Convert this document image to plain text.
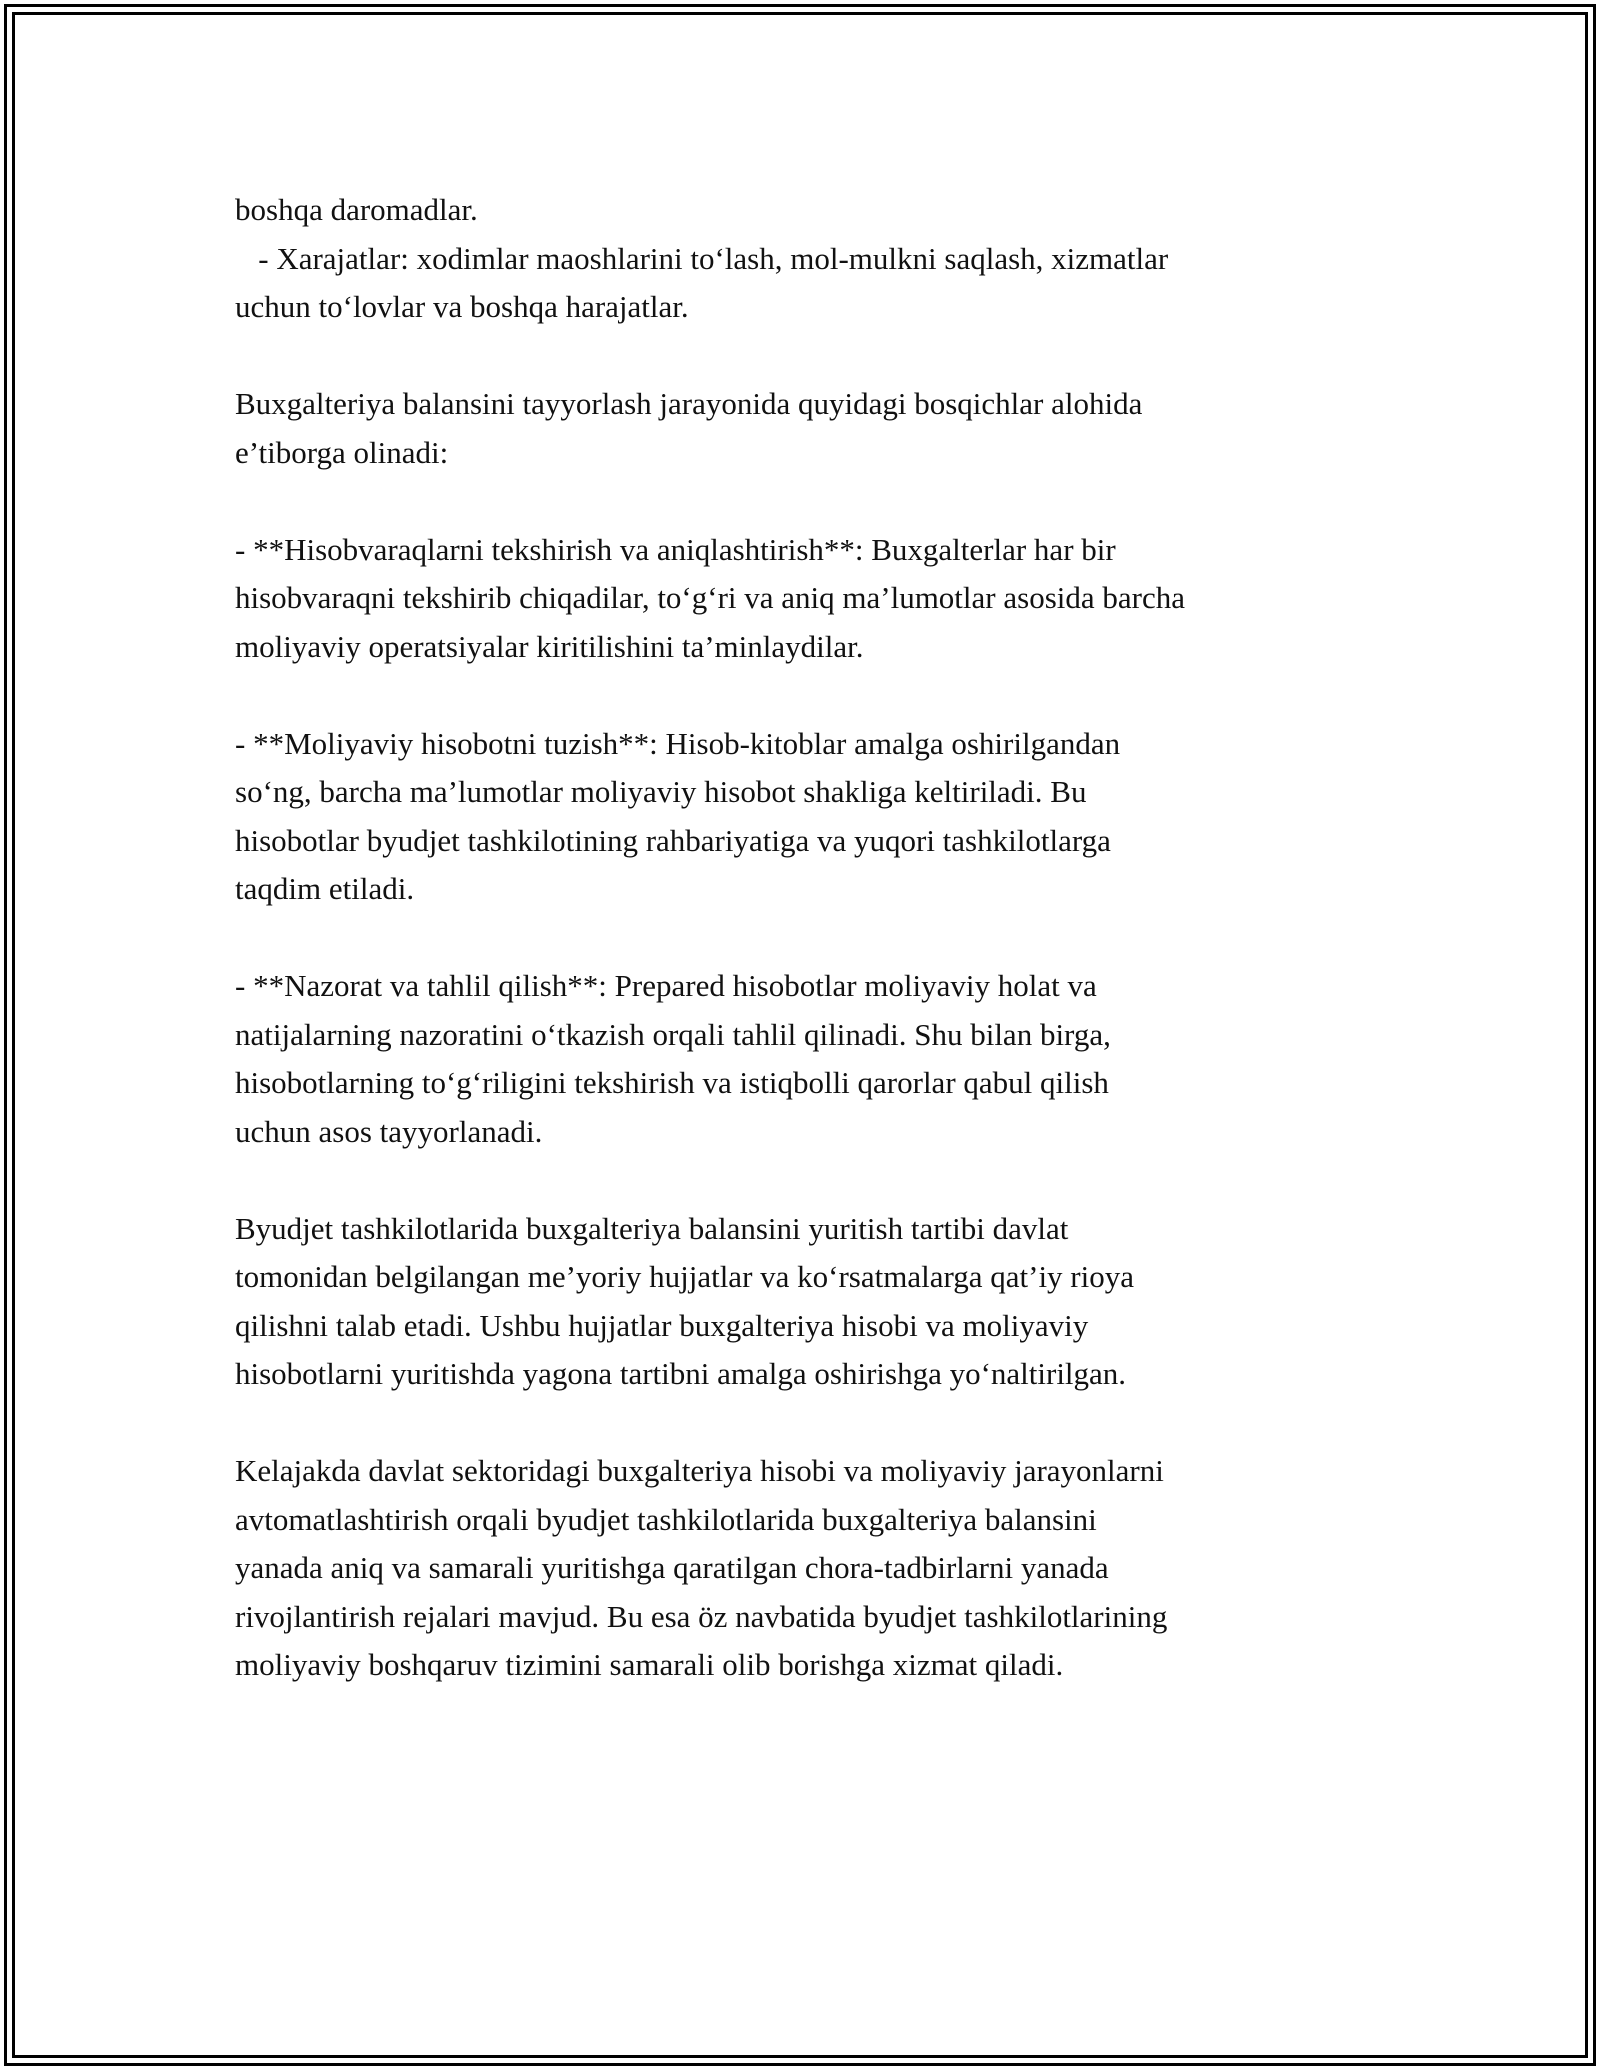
boshqa daromadlar.
- Xarajatlar: xodimlar maoshlarini to‘lash, mol-mulkni saqlash, xizmatlar
uchun to‘lovlar va boshqa harajatlar.
Buxgalteriya balansini tayyorlash jarayonida quyidagi bosqichlar alohida
e’tiborga olinadi:
- **Hisobvaraqlarni tekshirish va aniqlashtirish**: Buxgalterlar har bir
hisobvaraqni tekshirib chiqadilar, to‘g‘ri va aniq ma’lumotlar asosida barcha
moliyaviy operatsiyalar kiritilishini ta’minlaydilar.
- **Moliyaviy hisobotni tuzish**: Hisob-kitoblar amalga oshirilgandan
so‘ng, barcha ma’lumotlar moliyaviy hisobot shakliga keltiriladi. Bu
hisobotlar byudjet tashkilotining rahbariyatiga va yuqori tashkilotlarga
taqdim etiladi.
- **Nazorat va tahlil qilish**: Prepared hisobotlar moliyaviy holat va
natijalarning nazoratini o‘tkazish orqali tahlil qilinadi. Shu bilan birga,
hisobotlarning to‘g‘riligini tekshirish va istiqbolli qarorlar qabul qilish
uchun asos tayyorlanadi.
Byudjet tashkilotlarida buxgalteriya balansini yuritish tartibi davlat
tomonidan belgilangan me’yoriy hujjatlar va ko‘rsatmalarga qat’iy rioya
qilishni talab etadi. Ushbu hujjatlar buxgalteriya hisobi va moliyaviy
hisobotlarni yuritishda yagona tartibni amalga oshirishga yo‘naltirilgan.
Kelajakda davlat sektoridagi buxgalteriya hisobi va moliyaviy jarayonlarni
avtomatlashtirish orqali byudjet tashkilotlarida buxgalteriya balansini
yanada aniq va samarali yuritishga qaratilgan chora-tadbirlarni yanada
rivojlantirish rejalari mavjud. Bu esa öz navbatida byudjet tashkilotlarining
moliyaviy boshqaruv tizimini samarali olib borishga xizmat qiladi.
